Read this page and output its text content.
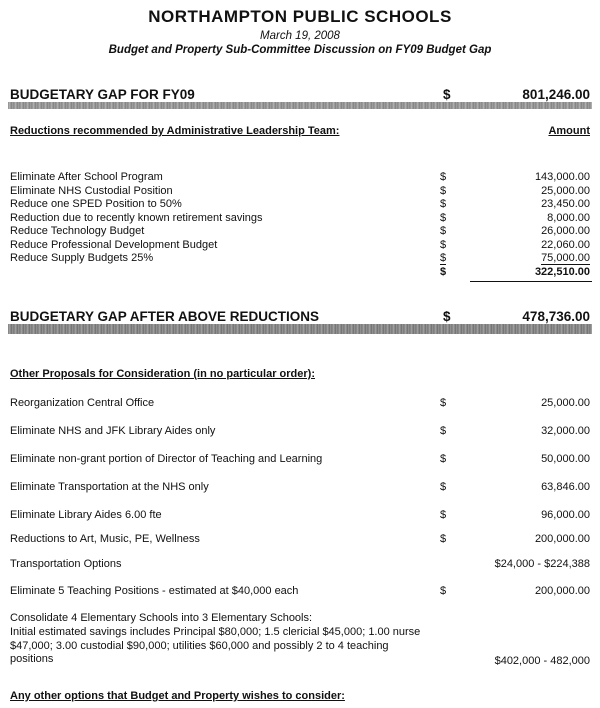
NORTHAMPTON PUBLIC SCHOOLS
March 19, 2008
Budget and Property Sub-Committee Discussion on FY09 Budget Gap
BUDGETARY GAP FOR FY09	$	801,246.00
Reductions recommended by Administrative Leadership Team:	Amount
Eliminate After School Program	$	143,000.00
Eliminate NHS Custodial Position	$	25,000.00
Reduce one SPED Position to 50%	$	23,450.00
Reduction due to recently known retirement savings	$	8,000.00
Reduce Technology Budget	$	26,000.00
Reduce Professional Development Budget	$	22,060.00
Reduce Supply Budgets 25%	$	75,000.00
$	322,510.00
BUDGETARY GAP AFTER ABOVE REDUCTIONS	$	478,736.00
Other Proposals for Consideration (in no particular order):
Reorganization Central Office	$	25,000.00
Eliminate NHS and JFK Library Aides only	$	32,000.00
Eliminate non-grant portion of Director of Teaching and Learning	$	50,000.00
Eliminate Transportation at the NHS only	$	63,846.00
Eliminate Library Aides 6.00 fte	$	96,000.00
Reductions to Art, Music, PE, Wellness	$	200,000.00
Transportation Options	$24,000 - $224,388
Eliminate 5 Teaching Positions - estimated at $40,000 each	$	200,000.00
Consolidate 4 Elementary Schools into 3 Elementary Schools:
Initial estimated savings includes Principal $80,000; 1.5 clericial $45,000; 1.00 nurse $47,000; 3.00 custodial $90,000; utilities $60,000 and possibly 2 to 4 teaching positions	$402,000 - 482,000
Any other options that Budget and Property wishes to consider:
